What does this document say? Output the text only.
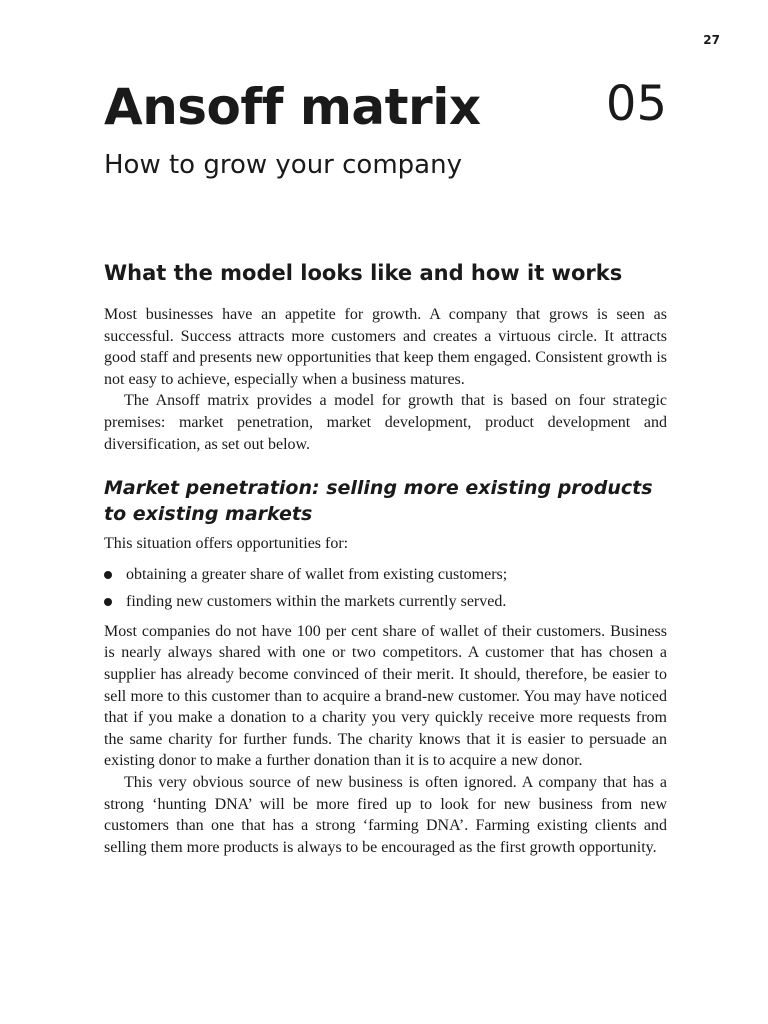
27
Ansoff matrix	05
How to grow your company
What the model looks like and how it works

Most businesses have an appetite for growth. A company that grows is seen as successful. Success attracts more customers and creates a virtuous circle. It attracts good staff and presents new opportunities that keep them engaged. Consistent growth is not easy to achieve, especially when a business matures.

The Ansoff matrix provides a model for growth that is based on four strategic premises: market penetration, market development, product development and diversification, as set out below.

Market penetration: selling more existing products
to existing markets

This situation offers opportunities for:

obtaining a greater share of wallet from existing customers;
finding new customers within the markets currently served.

Most companies do not have 100 per cent share of wallet of their customers. Business is nearly always shared with one or two competitors. A customer that has chosen a supplier has already become convinced of their merit. It should, therefore, be easier to sell more to this customer than to acquire a brand-new customer. You may have noticed that if you make a donation to a charity you very quickly receive more requests from the same charity for further funds. The charity knows that it is easier to persuade an existing donor to make a further donation than it is to acquire a new donor.

This very obvious source of new business is often ignored. A company that has a strong ‘hunting DNA’ will be more fired up to look for new business from new customers than one that has a strong ‘farming DNA’. Farming existing clients and selling them more products is always to be encouraged as the first growth opportunity.
